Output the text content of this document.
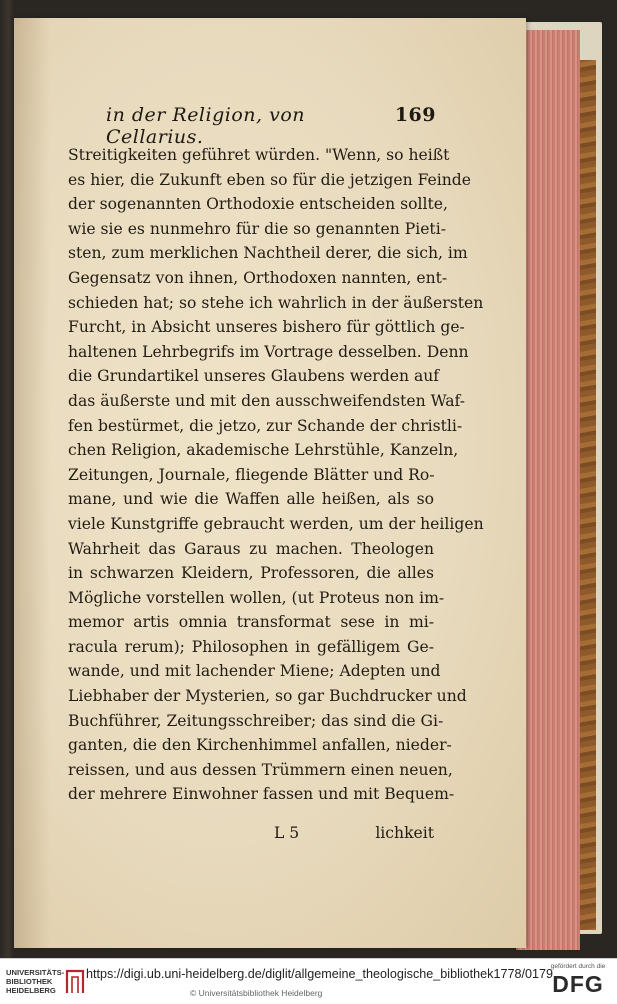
in der Religion, von Cellarius.
169
Streitigkeiten geführet würden. "Wenn, so heißt
es hier, die Zukunft eben so für die jetzigen Feinde
der sogenannten Orthodoxie entscheiden sollte,
wie sie es nunmehro für die so genannten Pieti-
sten, zum merklichen Nachtheil derer, die sich, im
Gegensatz von ihnen, Orthodoxen nannten, ent-
schieden hat; so stehe ich wahrlich in der äußersten
Furcht, in Absicht unseres bishero für göttlich ge-
haltenen Lehrbegrifs im Vortrage desselben. Denn
die Grundartikel unseres Glaubens werden auf
das äußerste und mit den ausschweifendsten Waf-
fen bestürmet, die jetzo, zur Schande der christli-
chen Religion, akademische Lehrstühle, Kanzeln,
Zeitungen, Journale, fliegende Blätter und Ro-
mane, und wie die Waffen alle heißen, als so
viele Kunstgriffe gebraucht werden, um der heiligen
Wahrheit das Garaus zu machen. Theologen
in schwarzen Kleidern, Professoren, die alles
Mögliche vorstellen wollen, (ut Proteus non im-
memor artis omnia transformat sese in mi-
racula rerum); Philosophen in gefälligem Ge-
wande, und mit lachender Miene; Adepten und
Liebhaber der Mysterien, so gar Buchdrucker und
Buchführer, Zeitungsschreiber; das sind die Gi-
ganten, die den Kirchenhimmel anfallen, nieder-
reissen, und aus dessen Trümmern einen neuen,
der mehrere Einwohner fassen und mit Bequem-
L 5	lichkeit
UNIVERSITÄTS-
BIBLIOTHEK
HEIDELBERG
https://digi.ub.uni-heidelberg.de/diglit/allgemeine_theologische_bibliothek1778/0179
© Universitätsbibliothek Heidelberg
gefördert durch die
DFG
